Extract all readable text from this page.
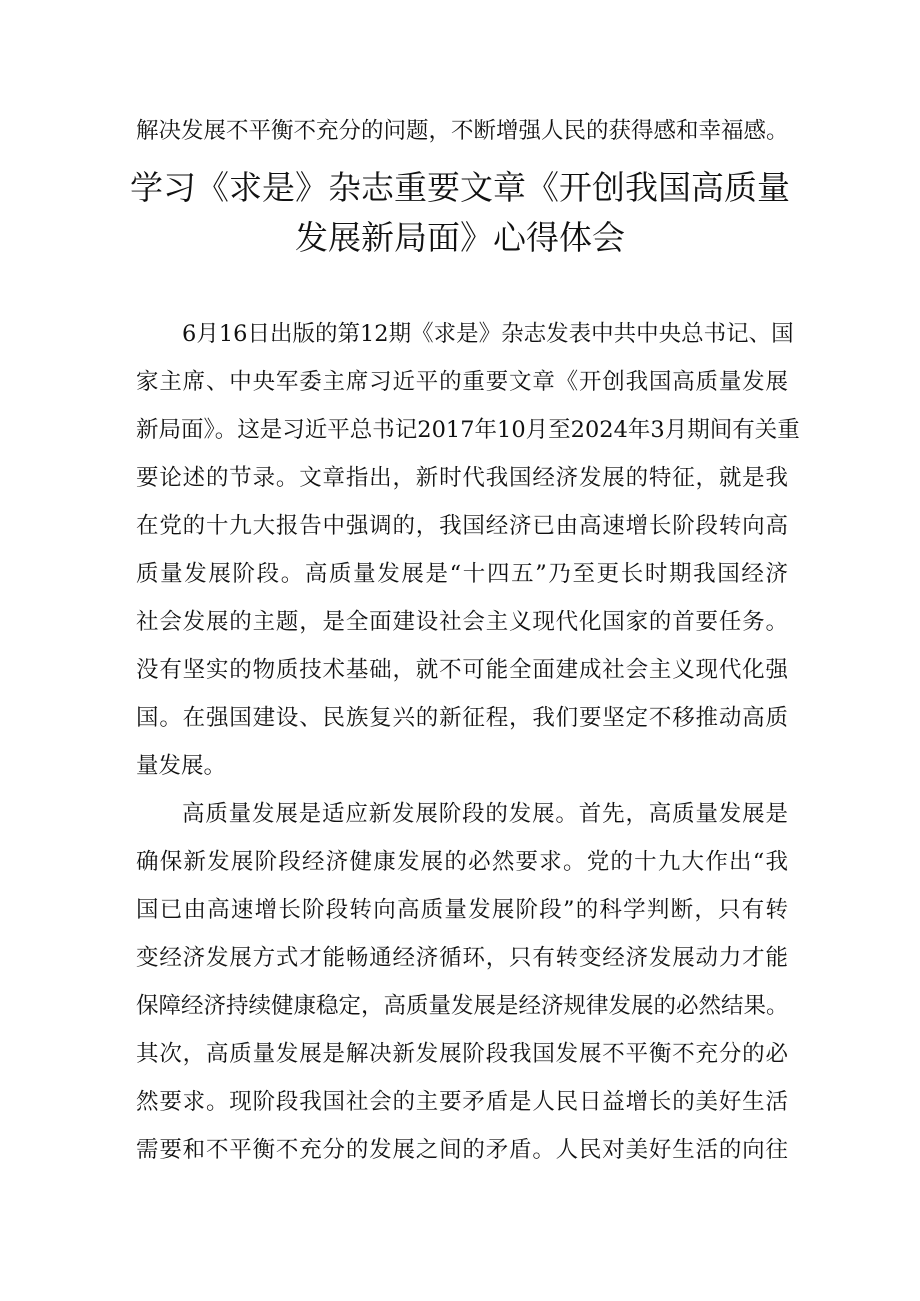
解决发展不平衡不充分的问题，不断增强人民的获得感和幸福感。
学习《求是》杂志重要文章《开创我国高质量
发展新局面》心得体会
6月16日出版的第12期《求是》杂志发表中共中央总书记、国
家主席、中央军委主席习近平的重要文章《开创我国高质量发展
新局面》。这是习近平总书记2017年10月至2024年3月期间有关重
要论述的节录。文章指出，新时代我国经济发展的特征，就是我
在党的十九大报告中强调的，我国经济已由高速增长阶段转向高
质量发展阶段。高质量发展是“十四五”乃至更长时期我国经济
社会发展的主题，是全面建设社会主义现代化国家的首要任务。
没有坚实的物质技术基础，就不可能全面建成社会主义现代化强
国。在强国建设、民族复兴的新征程，我们要坚定不移推动高质
量发展。
高质量发展是适应新发展阶段的发展。首先，高质量发展是
确保新发展阶段经济健康发展的必然要求。党的十九大作出“我
国已由高速增长阶段转向高质量发展阶段”的科学判断，只有转
变经济发展方式才能畅通经济循环，只有转变经济发展动力才能
保障经济持续健康稳定，高质量发展是经济规律发展的必然结果。
其次，高质量发展是解决新发展阶段我国发展不平衡不充分的必
然要求。现阶段我国社会的主要矛盾是人民日益增长的美好生活
需要和不平衡不充分的发展之间的矛盾。人民对美好生活的向往
